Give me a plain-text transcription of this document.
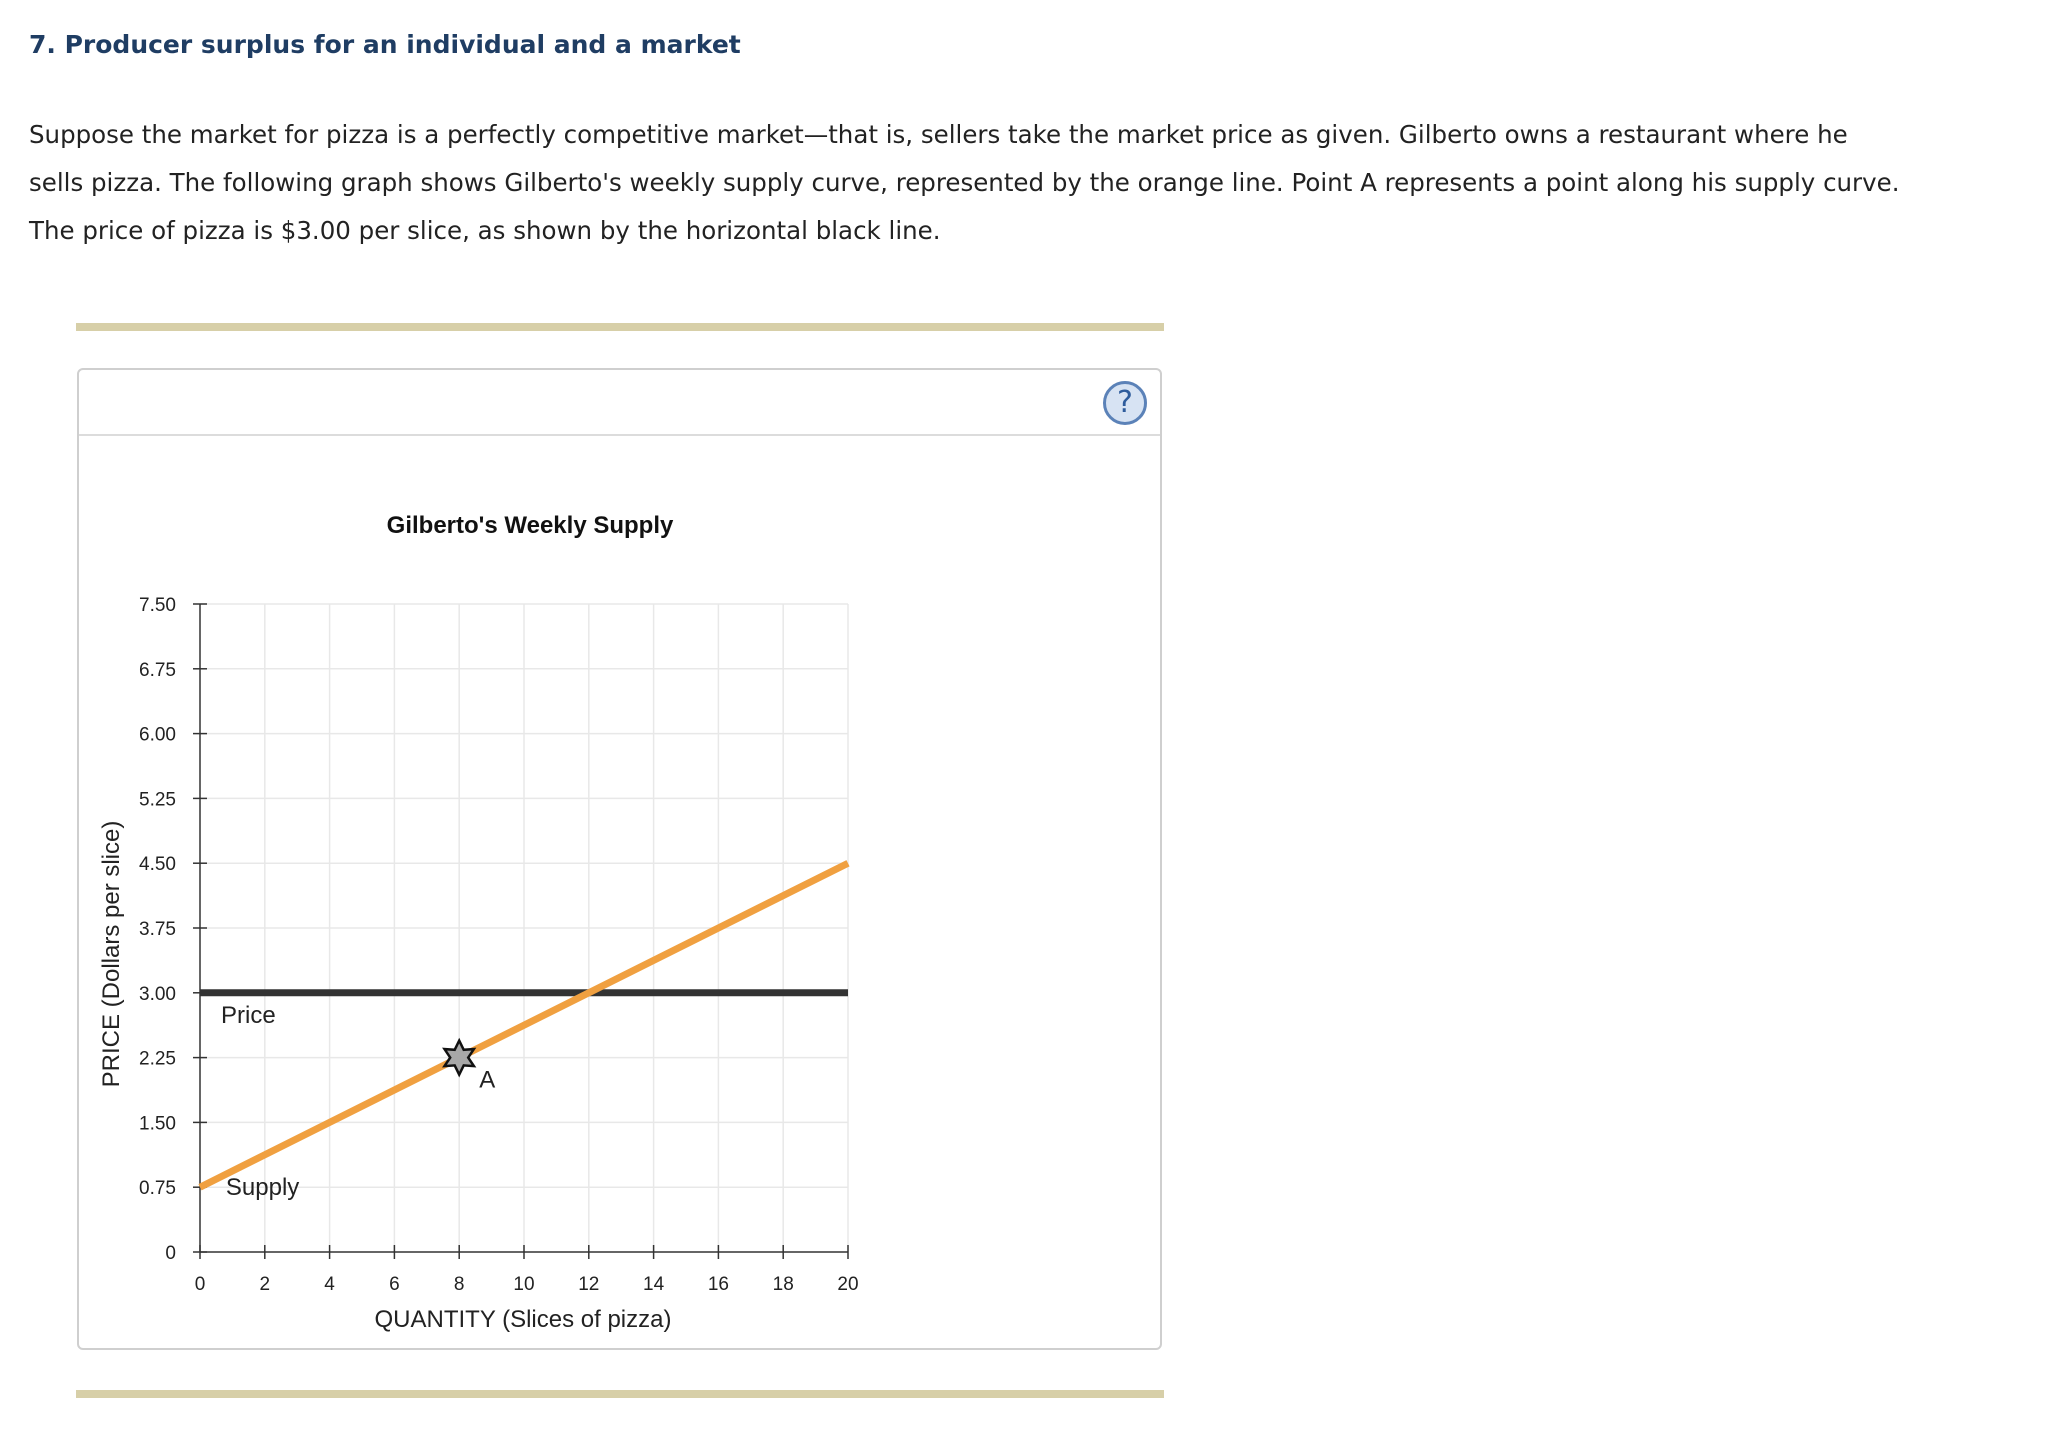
7. Producer surplus for an individual and a market

Suppose the market for pizza is a perfectly competitive market—that is, sellers take the market price as given. Gilberto owns a restaurant where he sells pizza. The following graph shows Gilberto's weekly supply curve, represented by the orange line. Point A represents a point along his supply curve. The price of pizza is $3.00 per slice, as shown by the horizontal black line.

?
Gilberto's Weekly Supply
0
0.75
1.50
2.25
3.00
3.75
4.50
5.25
6.00
6.75
7.50
0	2	4	6	8	10 12 14 16 18 20
A
Price
Supply
QUANTITY (Slices of pizza)
PRICE (Dollars per slice)
